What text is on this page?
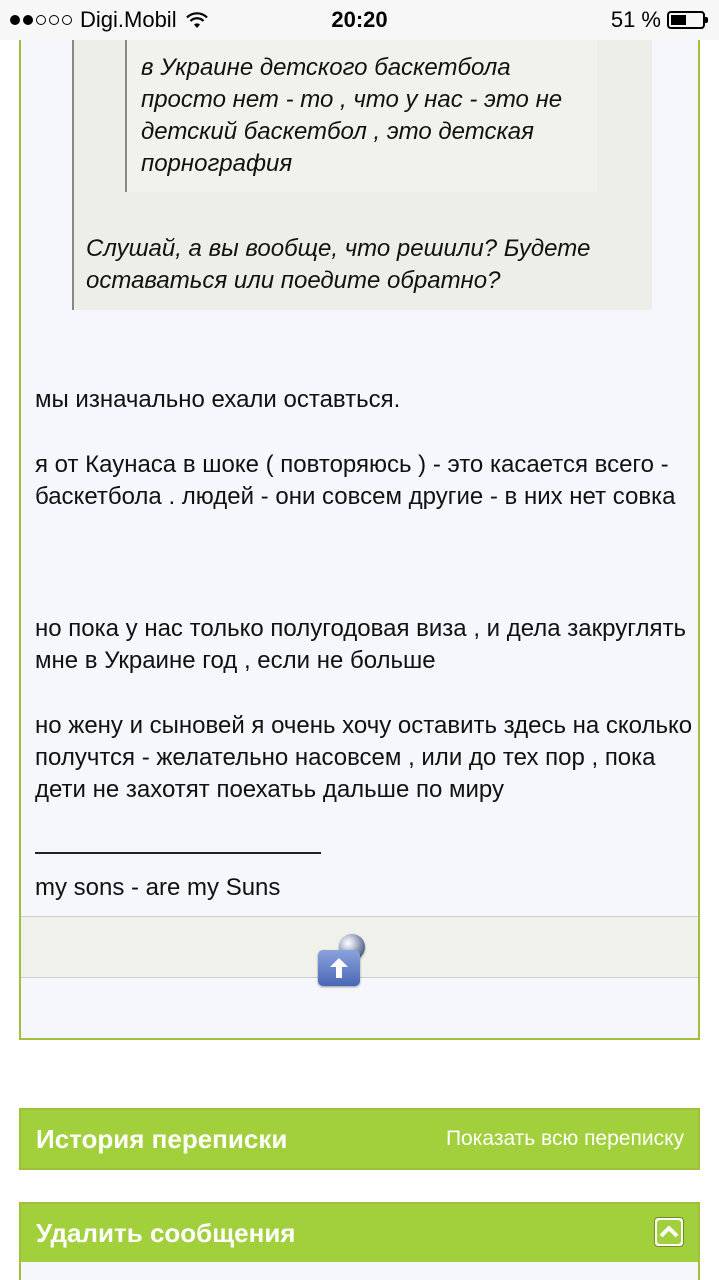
Digi.Mobil	20:20	51 %
в Украине детского баскетбола просто нет - то , что у нас - это не детский баскетбол , это детская порнография
Слушай, а вы вообще, что решили? Будете оставаться или поедите обратно?
мы изначально ехали оставться.
я от Каунаса в шоке ( повторяюсь ) - это касается всего - баскетбола . людей - они совсем другие - в них нет совка
но пока у нас только полугодовая виза , и дела закруглять мне в Украине год , если не больше
но жену и сыновей я очень хочу оставить здесь на сколько получтся - желательно насовсем , или до тех пор , пока дети не захотят поехатьь дальше по миру
my sons - are my Suns
История переписки	Показать всю переписку
Удалить сообщения
